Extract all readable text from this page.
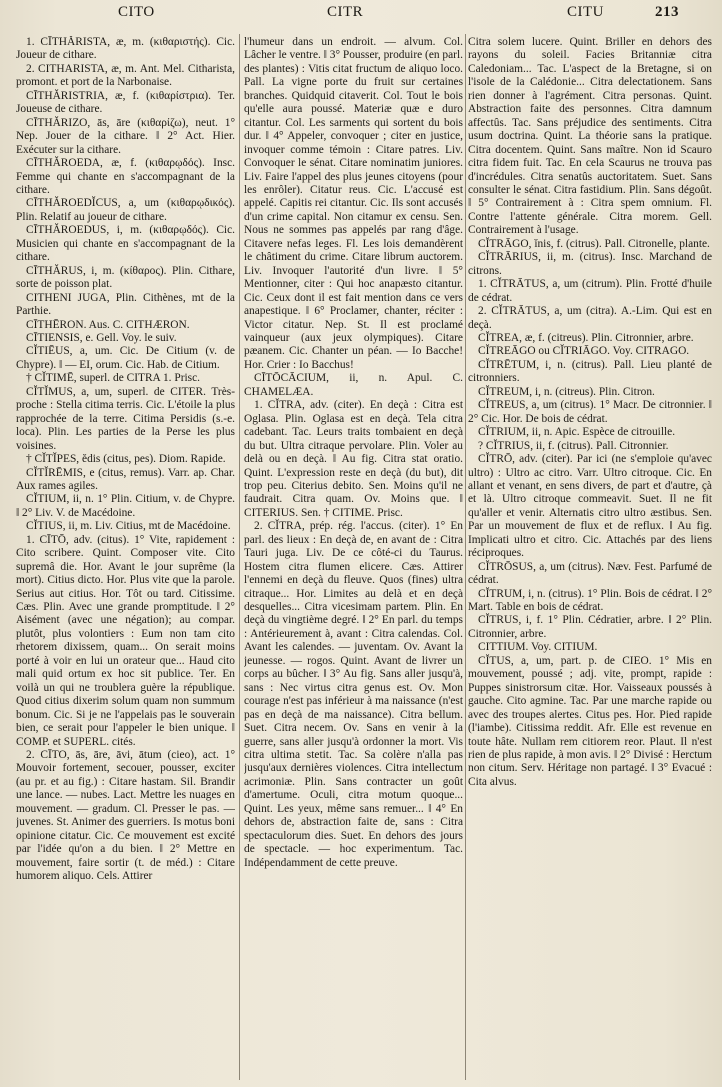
CITO	CITR	CITU	213

1. CĪTHĂRISTA, æ, m. (κιθαριστής). Cic. Joueur de cithare.

2. CITHARISTA, æ, m. Ant. Mel. Citharista, promont. et port de la Narbonaise.

CĪTHĂRISTRIA, æ, f. (κιθαρίστρια). Ter. Joueuse de cithare.

CĪTHĂRIZO, ās, āre (κιθαρίζω), neut. 1° Nep. Jouer de la cithare. ‖ 2° Act. Hier. Exécuter sur la cithare.

CĪTHĂROEDA, æ, f. (κιθαρῳδός). Insc. Femme qui chante en s'accompagnant de la cithare.

CĪTHĂROEDĬCUS, a, um (κιθαρῳδικός). Plin. Relatif au joueur de cithare.

CĪTHĂROEDUS, i, m. (κιθαρῳδός). Cic. Musicien qui chante en s'accompagnant de la cithare.

CĪTHĂRUS, i, m. (κίθαρος). Plin. Cithare, sorte de poisson plat.

CITHENI JUGA, Plin. Cithènes, mt de la Parthie.

CĪTHĒRON. Aus. C. CITHÆRON.

CĪTIENSIS, e. Gell. Voy. le suiv.

CĬTIĒUS, a, um. Cic. De Citium (v. de Chypre). ‖ — EI, orum. Cic. Hab. de Citium.

† CĬTIMĒ, superl. de CITRA 1. Prisc.

CĬTĬMUS, a, um, superl. de CITER. Très-proche : Stella citima terris. Cic. L'étoile la plus rapprochée de la terre. Citima Persidis (s.-e. loca). Plin. Les parties de la Perse les plus voisines.

† CĬTĬPES, ĕdis (citus, pes). Diom. Rapide.

CĬTĬRĒMIS, e (citus, remus). Varr. ap. Char. Aux rames agiles.

CĬTIUM, ii, n. 1° Plin. Citium, v. de Chypre. ‖ 2° Liv. V. de Macédoine.

CĬTIUS, ii, m. Liv. Citius, mt de Macédoine.

1. CĪTŌ, adv. (citus). 1° Vite, rapidement : Cito scribere. Quint. Composer vite. Cito supremâ die. Hor. Avant le jour suprême (la mort). Citius dicto. Hor. Plus vite que la parole. Serius aut citius. Hor. Tôt ou tard. Citissime. Cæs. Plin. Avec une grande promptitude. ‖ 2° Aisément (avec une négation); au compar. plutôt, plus volontiers : Eum non tam cito rhetorem dixissem, quam... On serait moins porté à voir en lui un orateur que... Haud cito mali quid ortum ex hoc sit publice. Ter. En voilà un qui ne troublera guère la république. Quod citius dixerim solum quam non summum bonum. Cic. Si je ne l'appelais pas le souverain bien, ce serait pour l'appeler le bien unique. ‖ COMP. et SUPERL. cités.

2. CĪTO, ās, āre, āvi, ātum (cieo), act. 1° Mouvoir fortement, secouer, pousser, exciter (au pr. et au fig.) : Citare hastam. Sil. Brandir une lance. — nubes. Lact. Mettre les nuages en mouvement. — gradum. Cl. Presser le pas. — juvenes. St. Animer des guerriers. Is motus boni opinione citatur. Cic. Ce mouvement est excité par l'idée qu'on a du bien. ‖ 2° Mettre en mouvement, faire sortir (t. de méd.) : Citare humorem aliquo. Cels. Attirer

l'humeur dans un endroit. — alvum. Col. Lâcher le ventre. ‖ 3° Pousser, produire (en parl. des plantes) : Vitis citat fructum de aliquo loco. Pall. La vigne porte du fruit sur certaines branches. Quidquid citaverit. Col. Tout le bois qu'elle aura poussé. Materiæ quæ e duro citantur. Col. Les sarments qui sortent du bois dur. ‖ 4° Appeler, convoquer ; citer en justice, invoquer comme témoin : Citare patres. Liv. Convoquer le sénat. Citare nominatim juniores. Liv. Faire l'appel des plus jeunes citoyens (pour les enrôler). Citatur reus. Cic. L'accusé est appelé. Capitis rei citantur. Cic. Ils sont accusés d'un crime capital. Non citamur ex censu. Sen. Nous ne sommes pas appelés par rang d'âge. Citavere nefas leges. Fl. Les lois demandèrent le châtiment du crime. Citare librum auctorem. Liv. Invoquer l'autorité d'un livre. ‖ 5° Mentionner, citer : Qui hoc anapæsto citantur. Cic. Ceux dont il est fait mention dans ce vers anapestique. ‖ 6° Proclamer, chanter, réciter : Victor citatur. Nep. St. Il est proclamé vainqueur (aux jeux olympiques). Citare pæanem. Cic. Chanter un péan. — Io Bacche! Hor. Crier : Io Bacchus!

CĪTŌCĀCIUM, ii, n. Apul. C. CHAMELÆA.

1. CĬTRA, adv. (citer). En deçà : Citra est Oglasa. Plin. Oglasa est en deçà. Tela citra cadebant. Tac. Leurs traits tombaient en deçà du but. Ultra citraque pervolare. Plin. Voler au delà ou en deçà. ‖ Au fig. Citra stat oratio. Quint. L'expression reste en deçà (du but), dit trop peu. Citerius debito. Sen. Moins qu'il ne faudrait. Citra quam. Ov. Moins que. ‖ CITERIUS. Sen. † CITIME. Prisc.

2. CĬTRA, prép. rég. l'accus. (citer). 1° En parl. des lieux : En deçà de, en avant de : Citra Tauri juga. Liv. De ce côté-ci du Taurus. Hostem citra flumen elicere. Cæs. Attirer l'ennemi en deçà du fleuve. Quos (fines) ultra citraque... Hor. Limites au delà et en deçà desquelles... Citra vicesimam partem. Plin. En deçà du vingtième degré. ‖ 2° En parl. du temps : Antérieurement à, avant : Citra calendas. Col. Avant les calendes. — juventam. Ov. Avant la jeunesse. — rogos. Quint. Avant de livrer un corps au bûcher. ‖ 3° Au fig. Sans aller jusqu'à, sans : Nec virtus citra genus est. Ov. Mon courage n'est pas inférieur à ma naissance (n'est pas en deçà de ma naissance). Citra bellum. Suet. Citra necem. Ov. Sans en venir à la guerre, sans aller jusqu'à ordonner la mort. Vis citra ultima stetit. Tac. Sa colère n'alla pas jusqu'aux dernières violences. Citra intellectum acrimoniæ. Plin. Sans contracter un goût d'amertume. Oculi, citra motum quoque... Quint. Les yeux, même sans remuer... ‖ 4° En dehors de, abstraction faite de, sans : Citra spectaculorum dies. Suet. En dehors des jours de spectacle. — hoc experimentum. Tac. Indépendamment de cette preuve.

Citra solem lucere. Quint. Briller en dehors des rayons du soleil. Facies Britanniæ citra Caledoniam... Tac. L'aspect de la Bretagne, si on l'isole de la Calédonie... Citra delectationem. Sans rien donner à l'agrément. Citra personas. Quint. Abstraction faite des personnes. Citra damnum affectûs. Tac. Sans préjudice des sentiments. Citra usum doctrina. Quint. La théorie sans la pratique. Citra docentem. Quint. Sans maître. Non id Scauro citra fidem fuit. Tac. En cela Scaurus ne trouva pas d'incrédules. Citra senatûs auctoritatem. Suet. Sans consulter le sénat. Citra fastidium. Plin. Sans dégoût. ‖ 5° Contrairement à : Citra spem omnium. Fl. Contre l'attente générale. Citra morem. Gell. Contrairement à l'usage.

CĬTRĀGO, ĭnis, f. (citrus). Pall. Citronelle, plante.

CĬTRĀRIUS, ii, m. (citrus). Insc. Marchand de citrons.

1. CĬTRĀTUS, a, um (citrum). Plin. Frotté d'huile de cédrat.

2. CĬTRĀTUS, a, um (citra). A.-Lim. Qui est en deçà.

CĬTREA, æ, f. (citreus). Plin. Citronnier, arbre.

CĬTREĀGO ou CĬTRIĀGO. Voy. CITRAGO.

CĬTRĒTUM, i, n. (citrus). Pall. Lieu planté de citronniers.

CĬTREUM, i, n. (citreus). Plin. Citron.

CĬTREUS, a, um (citrus). 1° Macr. De citronnier. ‖ 2° Cic. Hor. De bois de cédrat.

CĬTRIUM, ii, n. Apic. Espèce de citrouille.

? CĬTRIUS, ii, f. (citrus). Pall. Citronnier.

CĬTRŌ, adv. (citer). Par ici (ne s'emploie qu'avec ultro) : Ultro ac citro. Varr. Ultro citroque. Cic. En allant et venant, en sens divers, de part et d'autre, çà et là. Ultro citroque commeavit. Suet. Il ne fit qu'aller et venir. Alternatis citro ultro æstibus. Sen. Par un mouvement de flux et de reflux. ‖ Au fig. Implicati ultro et citro. Cic. Attachés par des liens réciproques.

CĬTRŌSUS, a, um (citrus). Næv. Fest. Parfumé de cédrat.

CĬTRUM, i, n. (citrus). 1° Plin. Bois de cédrat. ‖ 2° Mart. Table en bois de cédrat.

CĬTRUS, i, f. 1° Plin. Cédratier, arbre. ‖ 2° Plin. Citronnier, arbre.

CITTIUM. Voy. CITIUM.

CĬTUS, a, um, part. p. de CIEO. 1° Mis en mouvement, poussé ; adj. vite, prompt, rapide : Puppes sinistrorsum citæ. Hor. Vaisseaux poussés à gauche. Cito agmine. Tac. Par une marche rapide ou avec des troupes alertes. Citus pes. Hor. Pied rapide (l'iambe). Citissima reddit. Afr. Elle est revenue en toute hâte. Nullam rem citiorem reor. Plaut. Il n'est rien de plus rapide, à mon avis. ‖ 2° Divisé : Herctum non citum. Serv. Héritage non partagé. ‖ 3° Evacué : Cita alvus.
